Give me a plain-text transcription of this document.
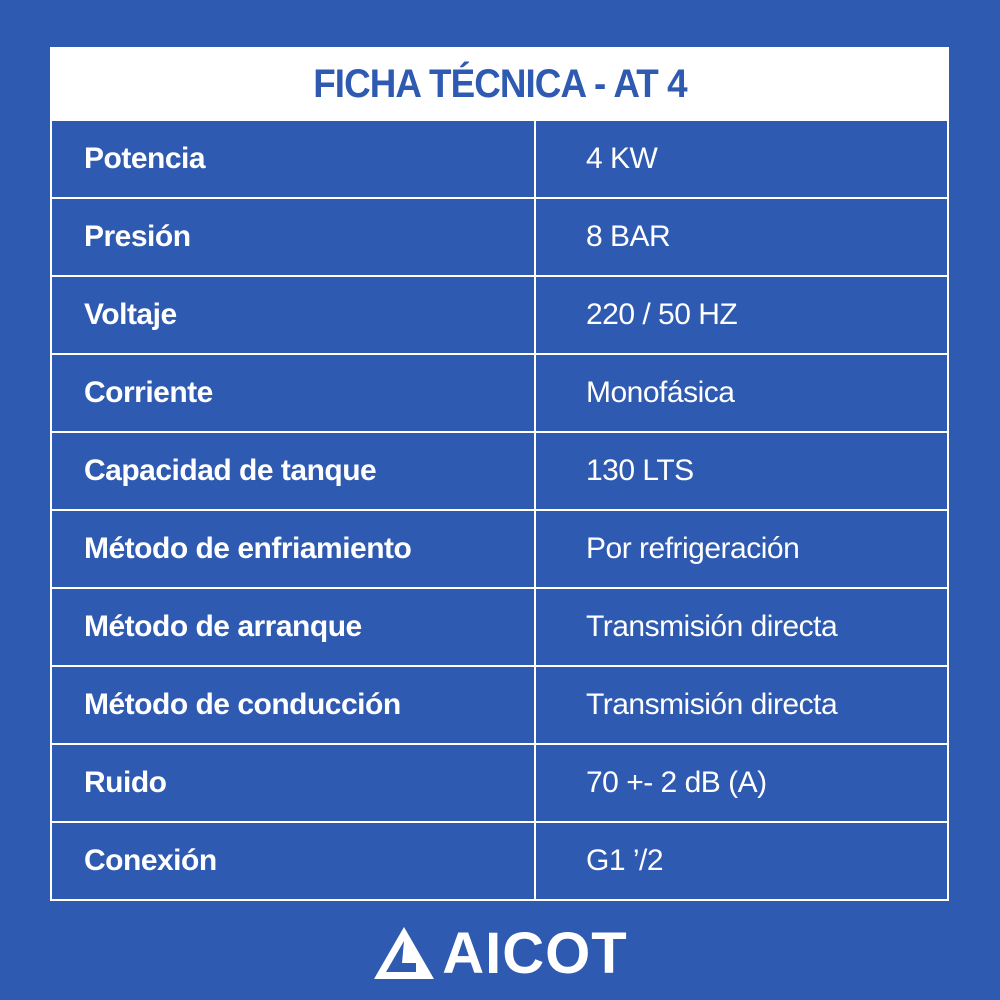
FICHA TÉCNICA - AT 4
Potencia	4 KW
Presión	8 BAR
Voltaje	220 / 50 HZ
Corriente	Monofásica
Capacidad de tanque	130 LTS
Método de enfriamiento	Por refrigeración
Método de arranque	Transmisión directa
Método de conducción	Transmisión directa
Ruido	70 +- 2 dB (A)
Conexión	G1 ’/2
AICOT
